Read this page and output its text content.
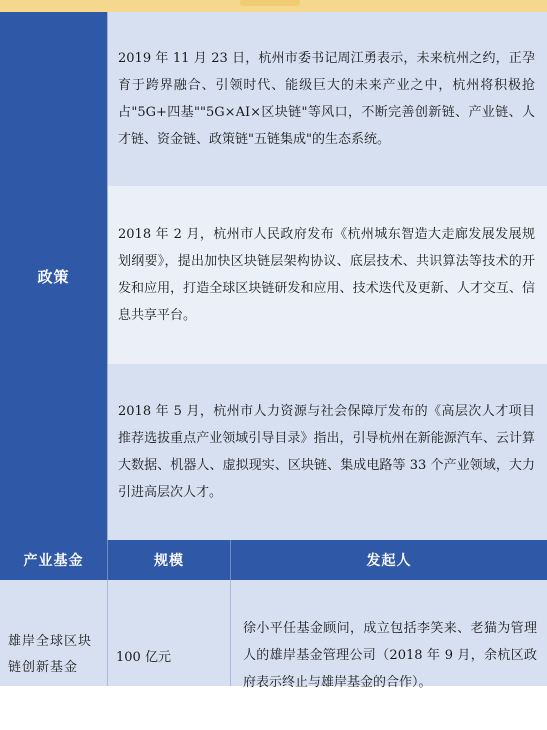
政策

2019 年 11 月 23 日，杭州市委书记周江勇表示，未来杭州之约，正孕育于跨界融合、引领时代、能级巨大的未来产业之中，杭州将积极抢占"5G+四基""5G×AI×区块链"等风口，不断完善创新链、产业链、人才链、资金链、政策链"五链集成"的生态系统。

2018 年 2 月，杭州市人民政府发布《杭州城东智造大走廊发展发展规划纲要》，提出加快区块链层架构协议、底层技术、共识算法等技术的开发和应用，打造全球区块链研发和应用、技术迭代及更新、人才交互、信息共享平台。

2018 年 5 月，杭州市人力资源与社会保障厅发布的《高层次人才项目推荐选拔重点产业领域引导目录》指出，引导杭州在新能源汽车、云计算大数据、机器人、虚拟现实、区块链、集成电路等 33 个产业领域，大力引进高层次人才。

产业基金	规模	发起人
雄岸全球区块链创新基金
100 亿元
徐小平任基金顾问，成立包括李笑来、老猫为管理人的雄岸基金管理公司（2018 年 9 月，余杭区政府表示终止与雄岸基金的合作）。
